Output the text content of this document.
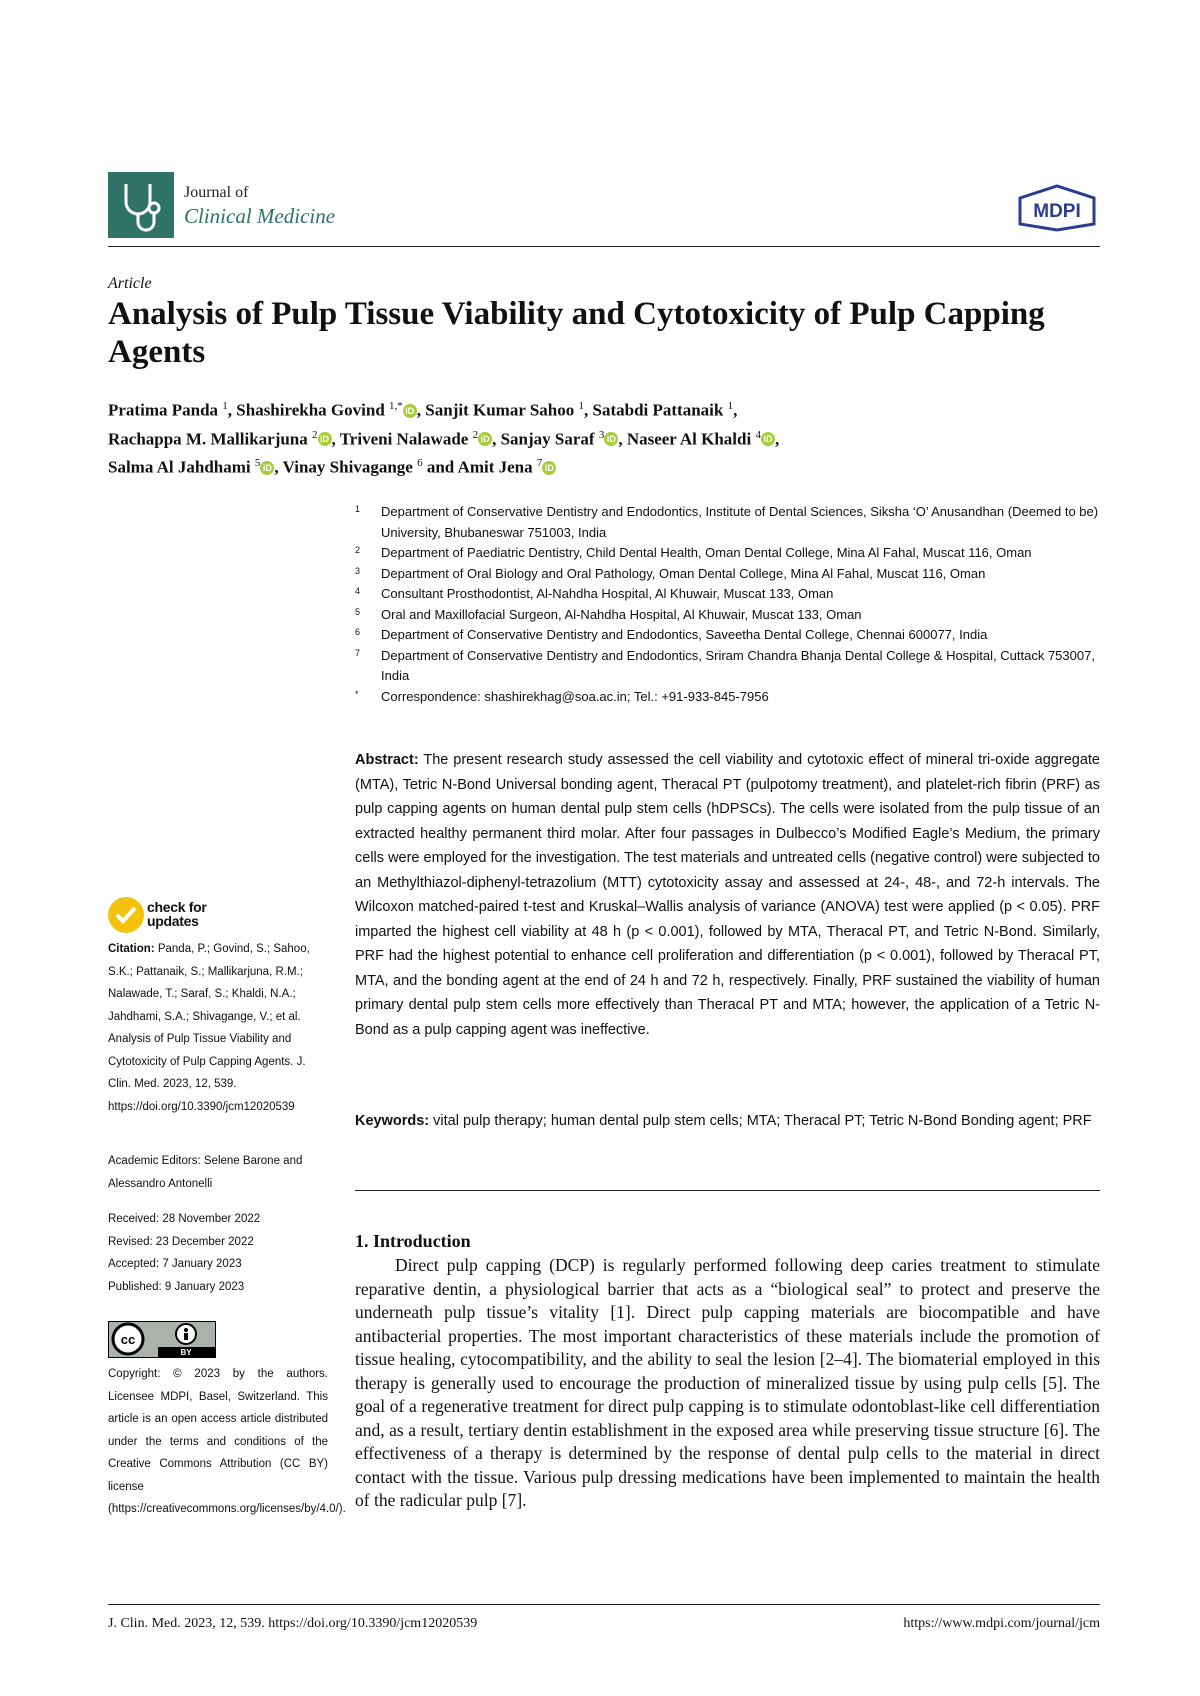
Journal of
Clinical Medicine	MDPI
Article
Analysis of Pulp Tissue Viability and Cytotoxicity of Pulp Capping Agents
Pratima Panda $^1$, Shashirekha Govind $^{1,*}$ iD , Sanjit Kumar Sahoo $^1$, Satabdi Pattanaik $^1$,
Rachappa M. Mallikarjuna $^2$ iD , Triveni Nalawade $^2$ iD , Sanjay Saraf $^3$ iD , Naseer Al Khaldi $^4$ iD ,
Salma Al Jahdhami $^5$ iD , Vinay Shivagange $^6$ and Amit Jena $^7$ iD
1 Department of Conservative Dentistry and Endodontics, Institute of Dental Sciences, Siksha ‘O’ Anusandhan (Deemed to be) University, Bhubaneswar 751003, India
2 Department of Paediatric Dentistry, Child Dental Health, Oman Dental College, Mina Al Fahal, Muscat 116, Oman
3 Department of Oral Biology and Oral Pathology, Oman Dental College, Mina Al Fahal, Muscat 116, Oman
4 Consultant Prosthodontist, Al-Nahdha Hospital, Al Khuwair, Muscat 133, Oman
5 Oral and Maxillofacial Surgeon, Al-Nahdha Hospital, Al Khuwair, Muscat 133, Oman
6 Department of Conservative Dentistry and Endodontics, Saveetha Dental College, Chennai 600077, India
7 Department of Conservative Dentistry and Endodontics, Sriram Chandra Bhanja Dental College & Hospital, Cuttack 753007, India
* Correspondence: shashirekhag@soa.ac.in; Tel.: +91-933-845-7956
Abstract: The present research study assessed the cell viability and cytotoxic effect of mineral tri-oxide aggregate (MTA), Tetric N-Bond Universal bonding agent, Theracal PT (pulpotomy treatment), and platelet-rich fibrin (PRF) as pulp capping agents on human dental pulp stem cells (hDPSCs). The cells were isolated from the pulp tissue of an extracted healthy permanent third molar. After four passages in Dulbecco’s Modified Eagle’s Medium, the primary cells were employed for the investigation. The test materials and untreated cells (negative control) were subjected to an Methylthiazol-diphenyl-tetrazolium (MTT) cytotoxicity assay and assessed at 24-, 48-, and 72-h intervals. The Wilcoxon matched-paired t-test and Kruskal–Wallis analysis of variance (ANOVA) test were applied (p < 0.05). PRF imparted the highest cell viability at 48 h (p < 0.001), followed by MTA, Theracal PT, and Tetric N-Bond. Similarly, PRF had the highest potential to enhance cell proliferation and differentiation (p < 0.001), followed by Theracal PT, MTA, and the bonding agent at the end of 24 h and 72 h, respectively. Finally, PRF sustained the viability of human primary dental pulp stem cells more effectively than Theracal PT and MTA; however, the application of a Tetric N-Bond as a pulp capping agent was ineffective.
Keywords: vital pulp therapy; human dental pulp stem cells; MTA; Theracal PT; Tetric N-Bond Bonding agent; PRF
1. Introduction
Direct pulp capping (DCP) is regularly performed following deep caries treatment to stimulate reparative dentin, a physiological barrier that acts as a “biological seal” to protect and preserve the underneath pulp tissue’s vitality [1]. Direct pulp capping materials are biocompatible and have antibacterial properties. The most important characteristics of these materials include the promotion of tissue healing, cytocompatibility, and the ability to seal the lesion [2–4]. The biomaterial employed in this therapy is generally used to encourage the production of mineralized tissue by using pulp cells [5]. The goal of a regenerative treatment for direct pulp capping is to stimulate odontoblast-like cell differentiation and, as a result, tertiary dentin establishment in the exposed area while preserving tissue structure [6]. The effectiveness of a therapy is determined by the response of dental pulp cells to the material in direct contact with the tissue. Various pulp dressing medications have been implemented to maintain the health of the radicular pulp [7].
check for updates
Citation: Panda, P.; Govind, S.; Sahoo, S.K.; Pattanaik, S.; Mallikarjuna, R.M.; Nalawade, T.; Saraf, S.; Khaldi, N.A.; Jahdhami, S.A.; Shivagange, V.; et al. Analysis of Pulp Tissue Viability and Cytotoxicity of Pulp Capping Agents. J. Clin. Med. 2023, 12, 539. https://doi.org/10.3390/jcm12020539
Academic Editors: Selene Barone and Alessandro Antonelli
Received: 28 November 2022
Revised: 23 December 2022
Accepted: 7 January 2023
Published: 9 January 2023
cc
BY
Copyright: © 2023 by the authors. Licensee MDPI, Basel, Switzerland. This article is an open access article distributed under the terms and conditions of the Creative Commons Attribution (CC BY) license (https://creativecommons.org/licenses/by/4.0/).
J. Clin. Med. 2023, 12, 539. https://doi.org/10.3390/jcm12020539	https://www.mdpi.com/journal/jcm
